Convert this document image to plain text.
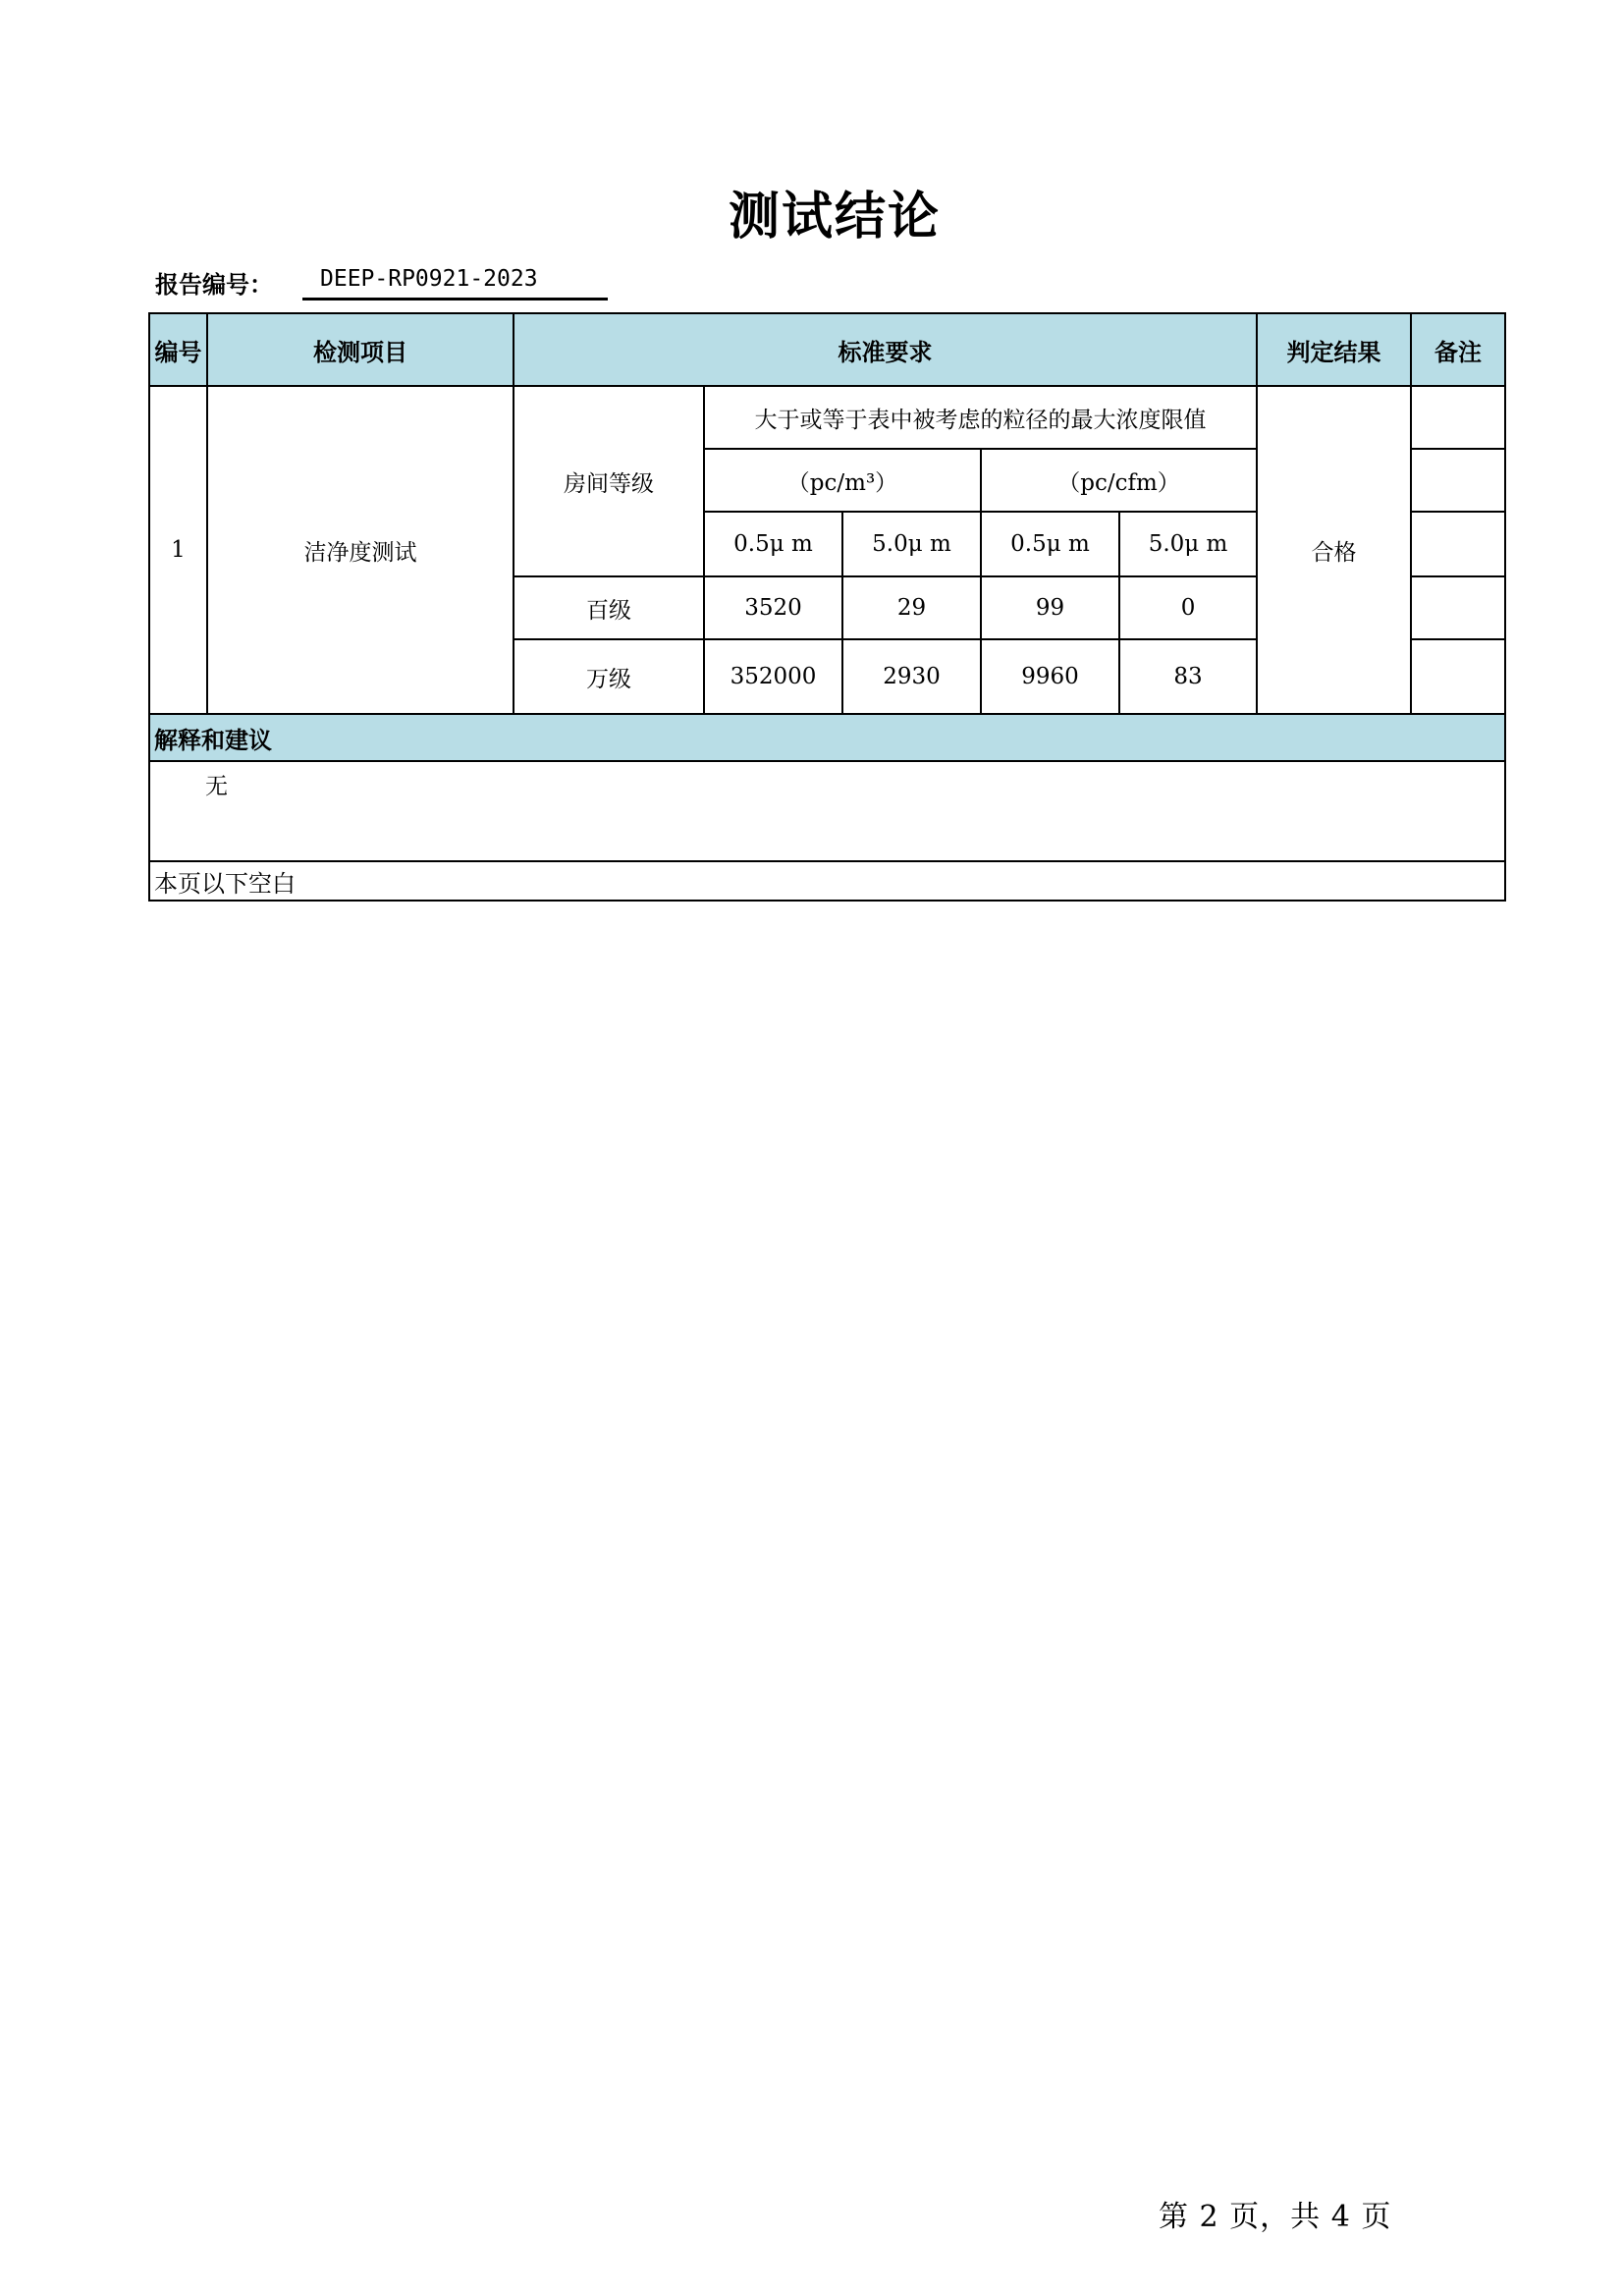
测试结论
报告编号：	DEEP-RP0921-2023
编号	检测项目	标准要求					判定结果	备注
1	洁净度测试	房间等级	大于或等于表中被考虑的粒径的最大浓度限值				合格	
			（pc/m³）		（pc/cfm）			
			0.5μ m	5.0μ m	0.5μ m	5.0μ m		
		百级	3520	29	99	0		
		万级	352000	2930	9960	83		
解释和建议								
无								
本页以下空白								
第 2 页，共 4 页
